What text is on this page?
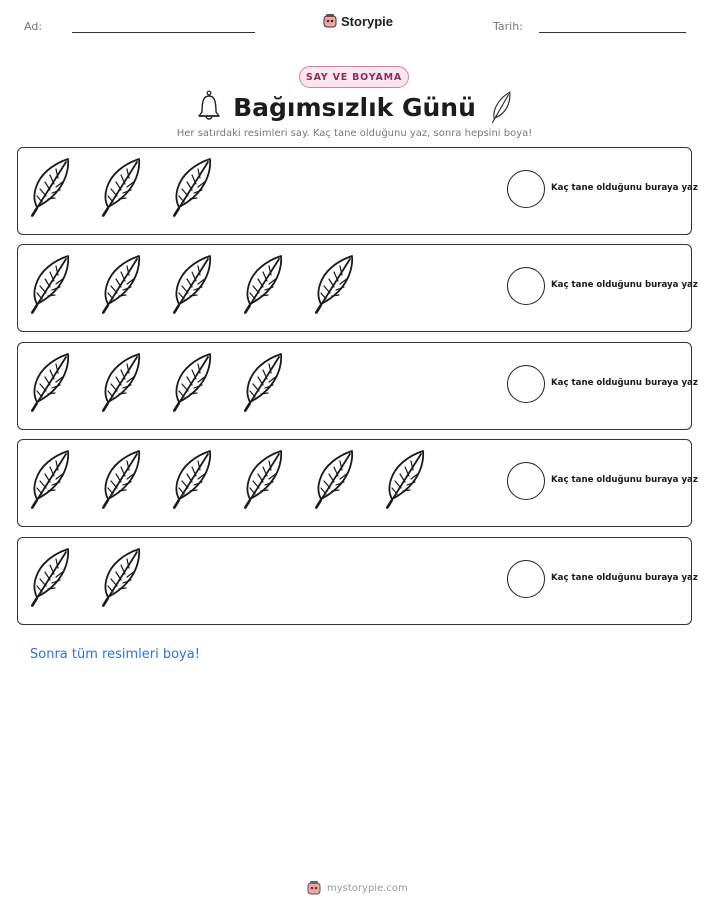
Ad:	Storypie	Tarih:
SAY VE BOYAMA
Bağımsızlık Günü
Her satırdaki resimleri say. Kaç tane olduğunu yaz, sonra hepsini boya!
Kaç tane olduğunu buraya yaz
Kaç tane olduğunu buraya yaz
Kaç tane olduğunu buraya yaz
Kaç tane olduğunu buraya yaz
Kaç tane olduğunu buraya yaz
Sonra tüm resimleri boya!
mystorypie.com
